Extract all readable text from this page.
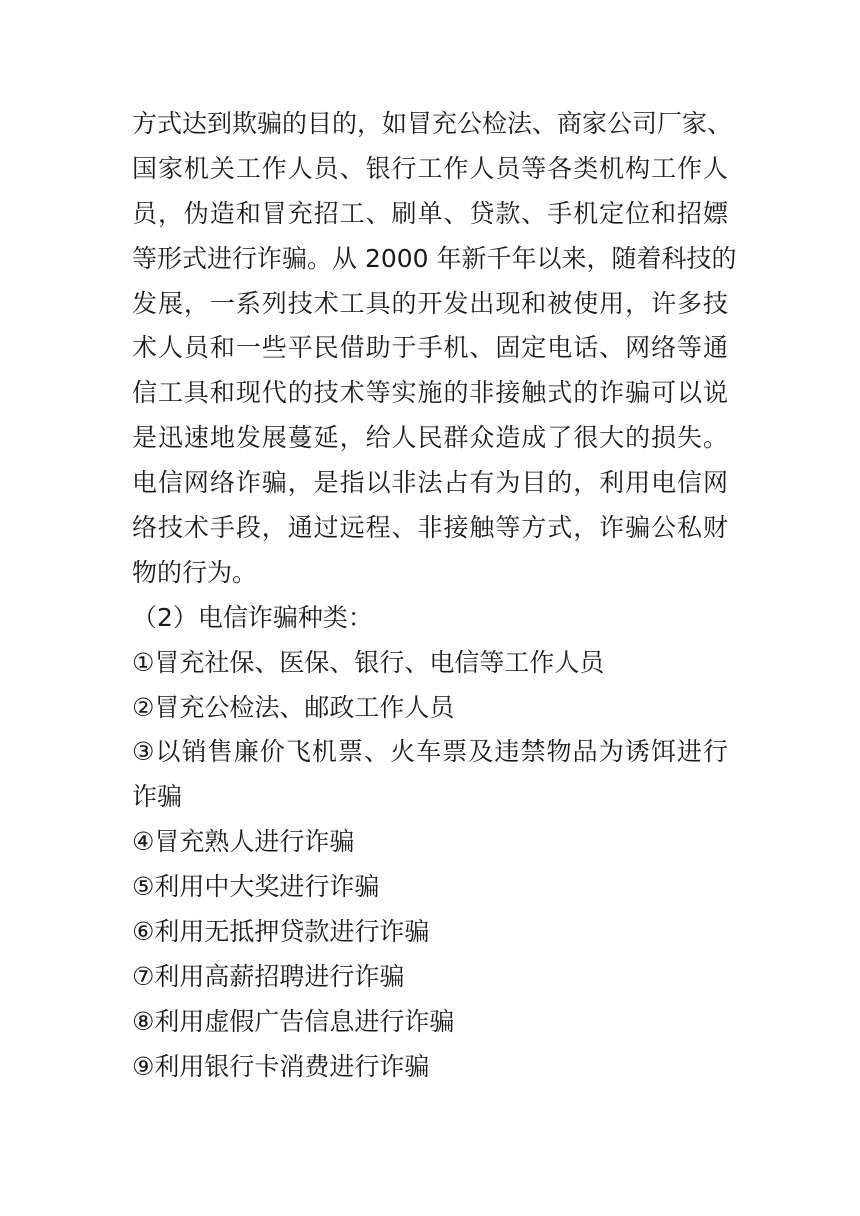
方式达到欺骗的目的，如冒充公检法、商家公司厂家、
国家机关工作人员、银行工作人员等各类机构工作人
员，伪造和冒充招工、刷单、贷款、手机定位和招嫖
等形式进行诈骗。从 2000 年新千年以来，随着科技的
发展，一系列技术工具的开发出现和被使用，许多技
术人员和一些平民借助于手机、固定电话、网络等通
信工具和现代的技术等实施的非接触式的诈骗可以说
是迅速地发展蔓延，给人民群众造成了很大的损失。
电信网络诈骗，是指以非法占有为目的，利用电信网
络技术手段，通过远程、非接触等方式，诈骗公私财
物的行为。
（2）电信诈骗种类：
①冒充社保、医保、银行、电信等工作人员
②冒充公检法、邮政工作人员
③以销售廉价飞机票、火车票及违禁物品为诱饵进行
诈骗
④冒充熟人进行诈骗
⑤利用中大奖进行诈骗
⑥利用无抵押贷款进行诈骗
⑦利用高薪招聘进行诈骗
⑧利用虚假广告信息进行诈骗
⑨利用银行卡消费进行诈骗
